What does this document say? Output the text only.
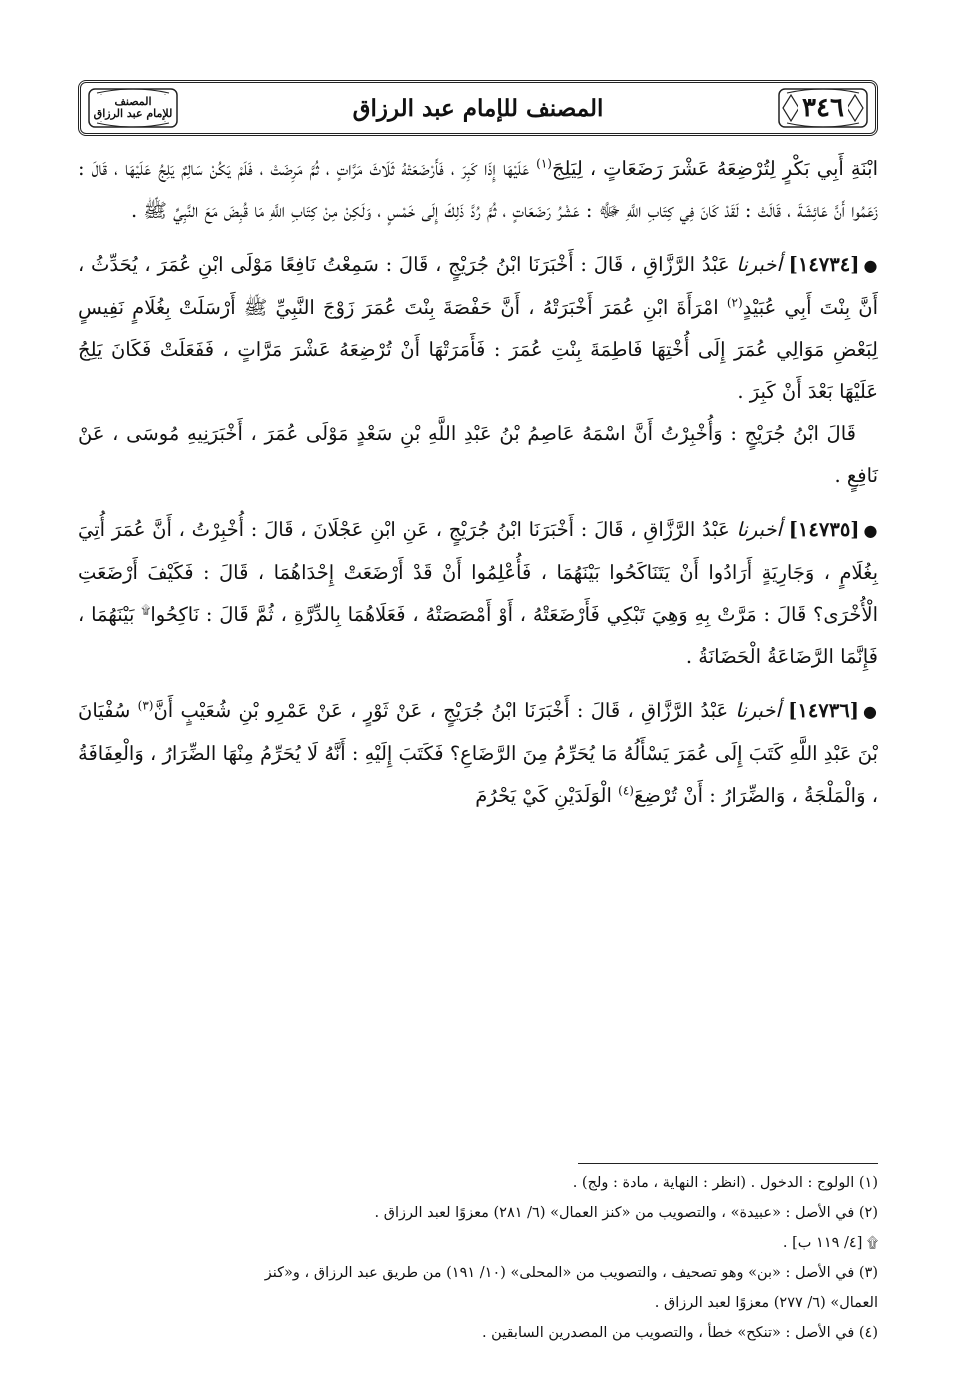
٣٤٦
المصنف للإمام عبد الرزاق
المصنف
للإمام عبد الرزاق

ابْنَةِ أَبِي بَكْرٍ لِتُرْضِعَهُ عَشْرَ رَضَعَاتٍ ، لِيَلِجَ$^{(١)}$ عَلَيْهَا إِذَا كَبِرَ ، فَأَرْضَعَتْهُ ثَلَاثَ مَرَّاتٍ ، ثُمَّ مَرِضَتْ ، فَلَمْ يَكُنْ سَالِمٌ يَلِجُ عَلَيْهَا ، قَالَ : زَعَمُوا أَنَّ عَائِشَةَ ، قَالَتْ : لَقَدْ كَانَ فِي كِتَابِ اللَّهِ ﷻ : عَشْرُ رَضَعَاتٍ ، ثُمَّ رُدَّ ذَلِكَ إِلَى خَمْسٍ ، وَلَكِنْ مِنْ كِتَابِ اللَّهِ مَا قُبِضَ مَعَ النَّبِيِّ ﷺ .

●[١٤٧٣٤] أخبرنا عَبْدُ الرَّزَّاقِ ، قَالَ : أَخْبَرَنَا ابْنُ جُرَيْجٍ ، قَالَ : سَمِعْتُ نَافِعًا مَوْلَى ابْنِ عُمَرَ ، يُحَدِّثُ ، أَنَّ بِنْتَ أَبِي عُبَيْدٍ$^{(٢)}$ امْرَأَةَ ابْنِ عُمَرَ أَخْبَرَتْهُ ، أَنَّ حَفْصَةَ بِنْتَ عُمَرَ زَوْجَ النَّبِيِّ ﷺ أَرْسَلَتْ بِغُلَامٍ نَفِيسٍ لِبَعْضِ مَوَالِي عُمَرَ إِلَى أُخْتِهَا فَاطِمَةَ بِنْتِ عُمَرَ : فَأَمَرَتْهَا أَنْ تُرْضِعَهُ عَشْرَ مَرَّاتٍ ، فَفَعَلَتْ فَكَانَ يَلِجُ عَلَيْهَا بَعْدَ أَنْ كَبِرَ .

قَالَ ابْنُ جُرَيْجٍ : وَأُخْبِرْتُ أَنَّ اسْمَهُ عَاصِمُ بْنُ عَبْدِ اللَّهِ بْنِ سَعْدٍ مَوْلَى عُمَرَ ، أَخْبَرَنِيهِ مُوسَى ، عَنْ نَافِعٍ .

●[١٤٧٣٥] أخبرنا عَبْدُ الرَّزَّاقِ ، قَالَ : أَخْبَرَنَا ابْنُ جُرَيْجٍ ، عَنِ ابْنِ عَجْلَانَ ، قَالَ : أُخْبِرْتُ ، أَنَّ عُمَرَ أُتِيَ بِغُلَامٍ ، وَجَارِيَةٍ أَرَادُوا أَنْ يَتَنَاكَحُوا بَيْنَهُمَا ، فَأُعْلِمُوا أَنْ قَدْ أَرْضَعَتْ إِحْدَاهُمَا ، قَالَ : فَكَيْفَ أَرْضَعَتِ الْأُخْرَى؟ قَالَ : مَرَّتْ بِهِ وَهِيَ تَبْكِي فَأَرْضَعَتْهُ ، أَوْ أَمْصَصَتْهُ ، فَعَلَاهُمَا بِالدِّرَّةِ ، ثُمَّ قَالَ : نَاكِحُوا۩ بَيْنَهُمَا ، فَإِنَّمَا الرَّضَاعَةُ الْحَضَانَةُ .

●[١٤٧٣٦] أخبرنا عَبْدُ الرَّزَّاقِ ، قَالَ : أَخْبَرَنَا ابْنُ جُرَيْجٍ ، عَنْ ثَوْرٍ ، عَنْ عَمْرِو بْنِ شُعَيْبٍ أَنَّ$^{(٣)}$ سُفْيَانَ بْنَ عَبْدِ اللَّهِ كَتَبَ إِلَى عُمَرَ يَسْأَلُهُ مَا يُحَرِّمُ مِنَ الرَّضَاعِ؟ فَكَتَبَ إِلَيْهِ : أَنَّهُ لَا يُحَرِّمُ مِنْهَا الضِّرَارُ ، وَالْعِفَافَةُ ، وَالْمَلْجَةُ ، وَالضِّرَارُ : أَنْ تُرْضِعَ$^{(٤)}$ الْوَلَدَيْنِ كَيْ يَحْرُمَ

(١) الولوج : الدخول . (انظر : النهاية ، مادة : ولج) .

(٢) في الأصل : «عبيدة» ، والتصويب من «كنز العمال» (٦/ ٢٨١) معزوًا لعبد الرزاق .

۩ [٤/ ١١٩ ب] .

(٣) في الأصل : «بن» وهو تصحيف ، والتصويب من «المحلى» (١٠/ ١٩١) من طريق عبد الرزاق ، و«كنز

العمال» (٦/ ٢٧٧) معزوًا لعبد الرزاق .

(٤) في الأصل : «تنكح» خطأ ، والتصويب من المصدرين السابقين .
